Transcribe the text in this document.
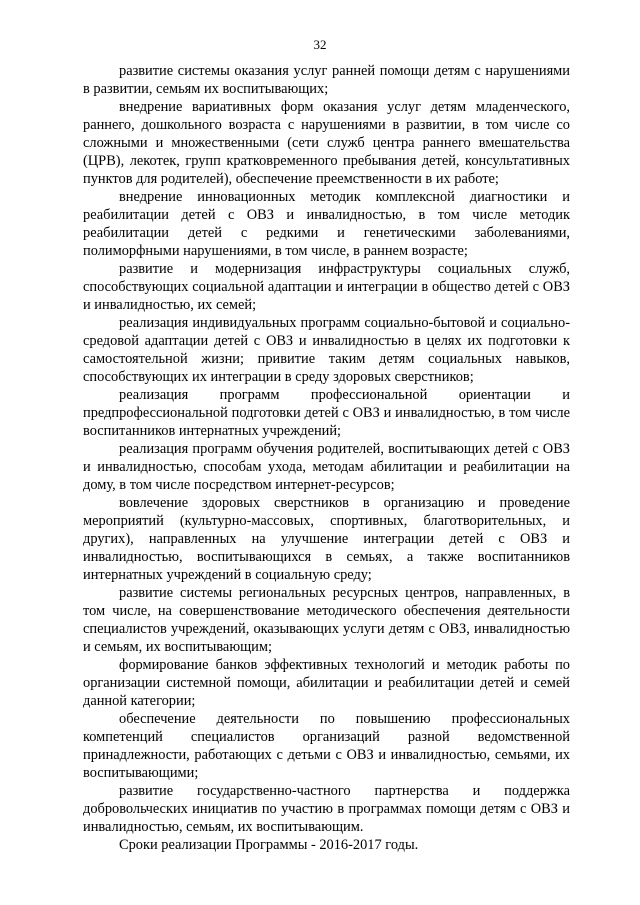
32

развитие системы оказания услуг ранней помощи детям с нарушениями в развитии, семьям их воспитывающих;

внедрение вариативных форм оказания услуг детям младенческого, раннего, дошкольного возраста с нарушениями в развитии, в том числе со сложными и множественными (сети служб центра раннего вмешательства (ЦРВ), лекотек, групп кратковременного пребывания детей, консультативных пунктов для родителей), обеспечение преемственности в их работе;

внедрение инновационных методик комплексной диагностики и реабилитации детей с ОВЗ и инвалидностью, в том числе методик реабилитации детей с редкими и генетическими заболеваниями, полиморфными нарушениями, в том числе, в раннем возрасте;

развитие и модернизация инфраструктуры социальных служб, способствующих социальной адаптации и интеграции в общество детей с ОВЗ и инвалидностью, их семей;

реализация индивидуальных программ социально-бытовой и социально-средовой адаптации детей с ОВЗ и инвалидностью в целях их подготовки к самостоятельной жизни; привитие таким детям социальных навыков, способствующих их интеграции в среду здоровых сверстников;

реализация программ профессиональной ориентации и предпрофессиональной подготовки детей с ОВЗ и инвалидностью, в том числе воспитанников интернатных учреждений;

реализация программ обучения родителей, воспитывающих детей с ОВЗ и инвалидностью, способам ухода, методам абилитации и реабилитации на дому, в том числе посредством интернет-ресурсов;

вовлечение здоровых сверстников в организацию и проведение мероприятий (культурно-массовых, спортивных, благотворительных, и других), направленных на улучшение интеграции детей с ОВЗ и инвалидностью, воспитывающихся в семьях, а также воспитанников интернатных учреждений в социальную среду;

развитие системы региональных ресурсных центров, направленных, в том числе, на совершенствование методического обеспечения деятельности специалистов учреждений, оказывающих услуги детям с ОВЗ, инвалидностью и семьям, их воспитывающим;

формирование банков эффективных технологий и методик работы по организации системной помощи, абилитации и реабилитации детей и семей данной категории;

обеспечение деятельности по повышению профессиональных компетенций специалистов организаций разной ведомственной принадлежности, работающих с детьми с ОВЗ и инвалидностью, семьями, их воспитывающими;

развитие государственно-частного партнерства и поддержка добровольческих инициатив по участию в программах помощи детям с ОВЗ и инвалидностью, семьям, их воспитывающим.

Сроки реализации Программы - 2016-2017 годы.
